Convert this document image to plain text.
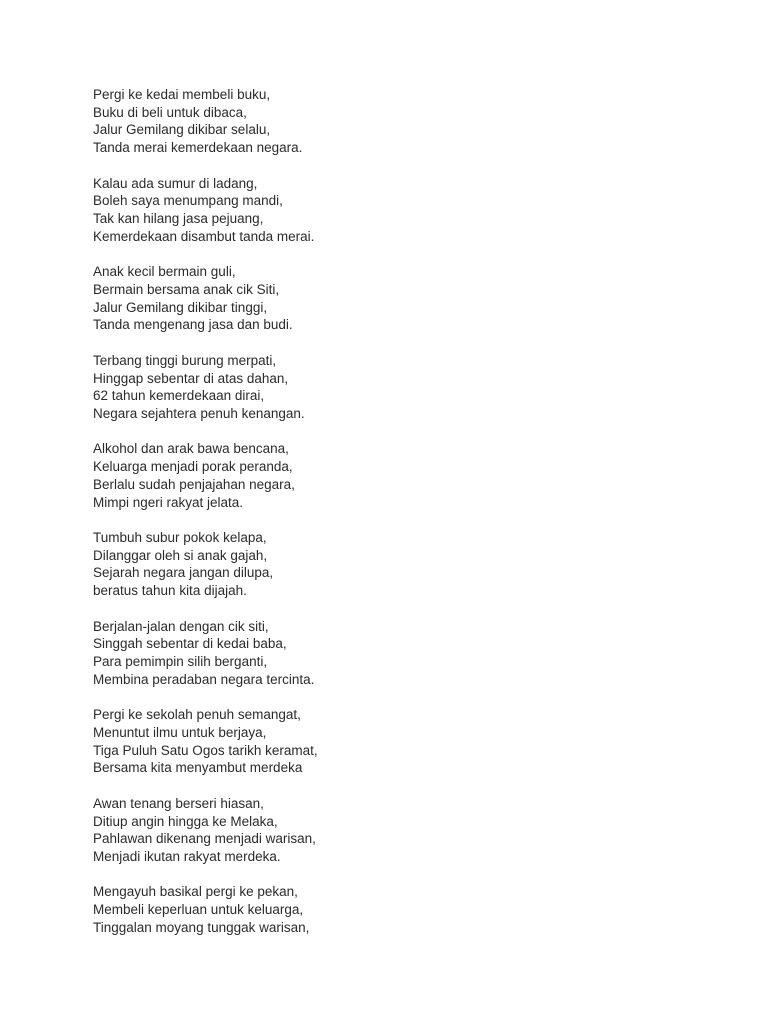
Pergi ke kedai membeli buku,
Buku di beli untuk dibaca,
Jalur Gemilang dikibar selalu,
Tanda merai kemerdekaan negara.
Kalau ada sumur di ladang,
Boleh saya menumpang mandi,
Tak kan hilang jasa pejuang,
Kemerdekaan disambut tanda merai.
Anak kecil bermain guli,
Bermain bersama anak cik Siti,
Jalur Gemilang dikibar tinggi,
Tanda mengenang jasa dan budi.
Terbang tinggi burung merpati,
Hinggap sebentar di atas dahan,
62 tahun kemerdekaan dirai,
Negara sejahtera penuh kenangan.
Alkohol dan arak bawa bencana,
Keluarga menjadi porak peranda,
Berlalu sudah penjajahan negara,
Mimpi ngeri rakyat jelata.
Tumbuh subur pokok kelapa,
Dilanggar oleh si anak gajah,
Sejarah negara jangan dilupa,
beratus tahun kita dijajah.
Berjalan-jalan dengan cik siti,
Singgah sebentar di kedai baba,
Para pemimpin silih berganti,
Membina peradaban negara tercinta.
Pergi ke sekolah penuh semangat,
Menuntut ilmu untuk berjaya,
Tiga Puluh Satu Ogos tarikh keramat,
Bersama kita menyambut merdeka
Awan tenang berseri hiasan,
Ditiup angin hingga ke Melaka,
Pahlawan dikenang menjadi warisan,
Menjadi ikutan rakyat merdeka.
Mengayuh basikal pergi ke pekan,
Membeli keperluan untuk keluarga,
Tinggalan moyang tunggak warisan,
